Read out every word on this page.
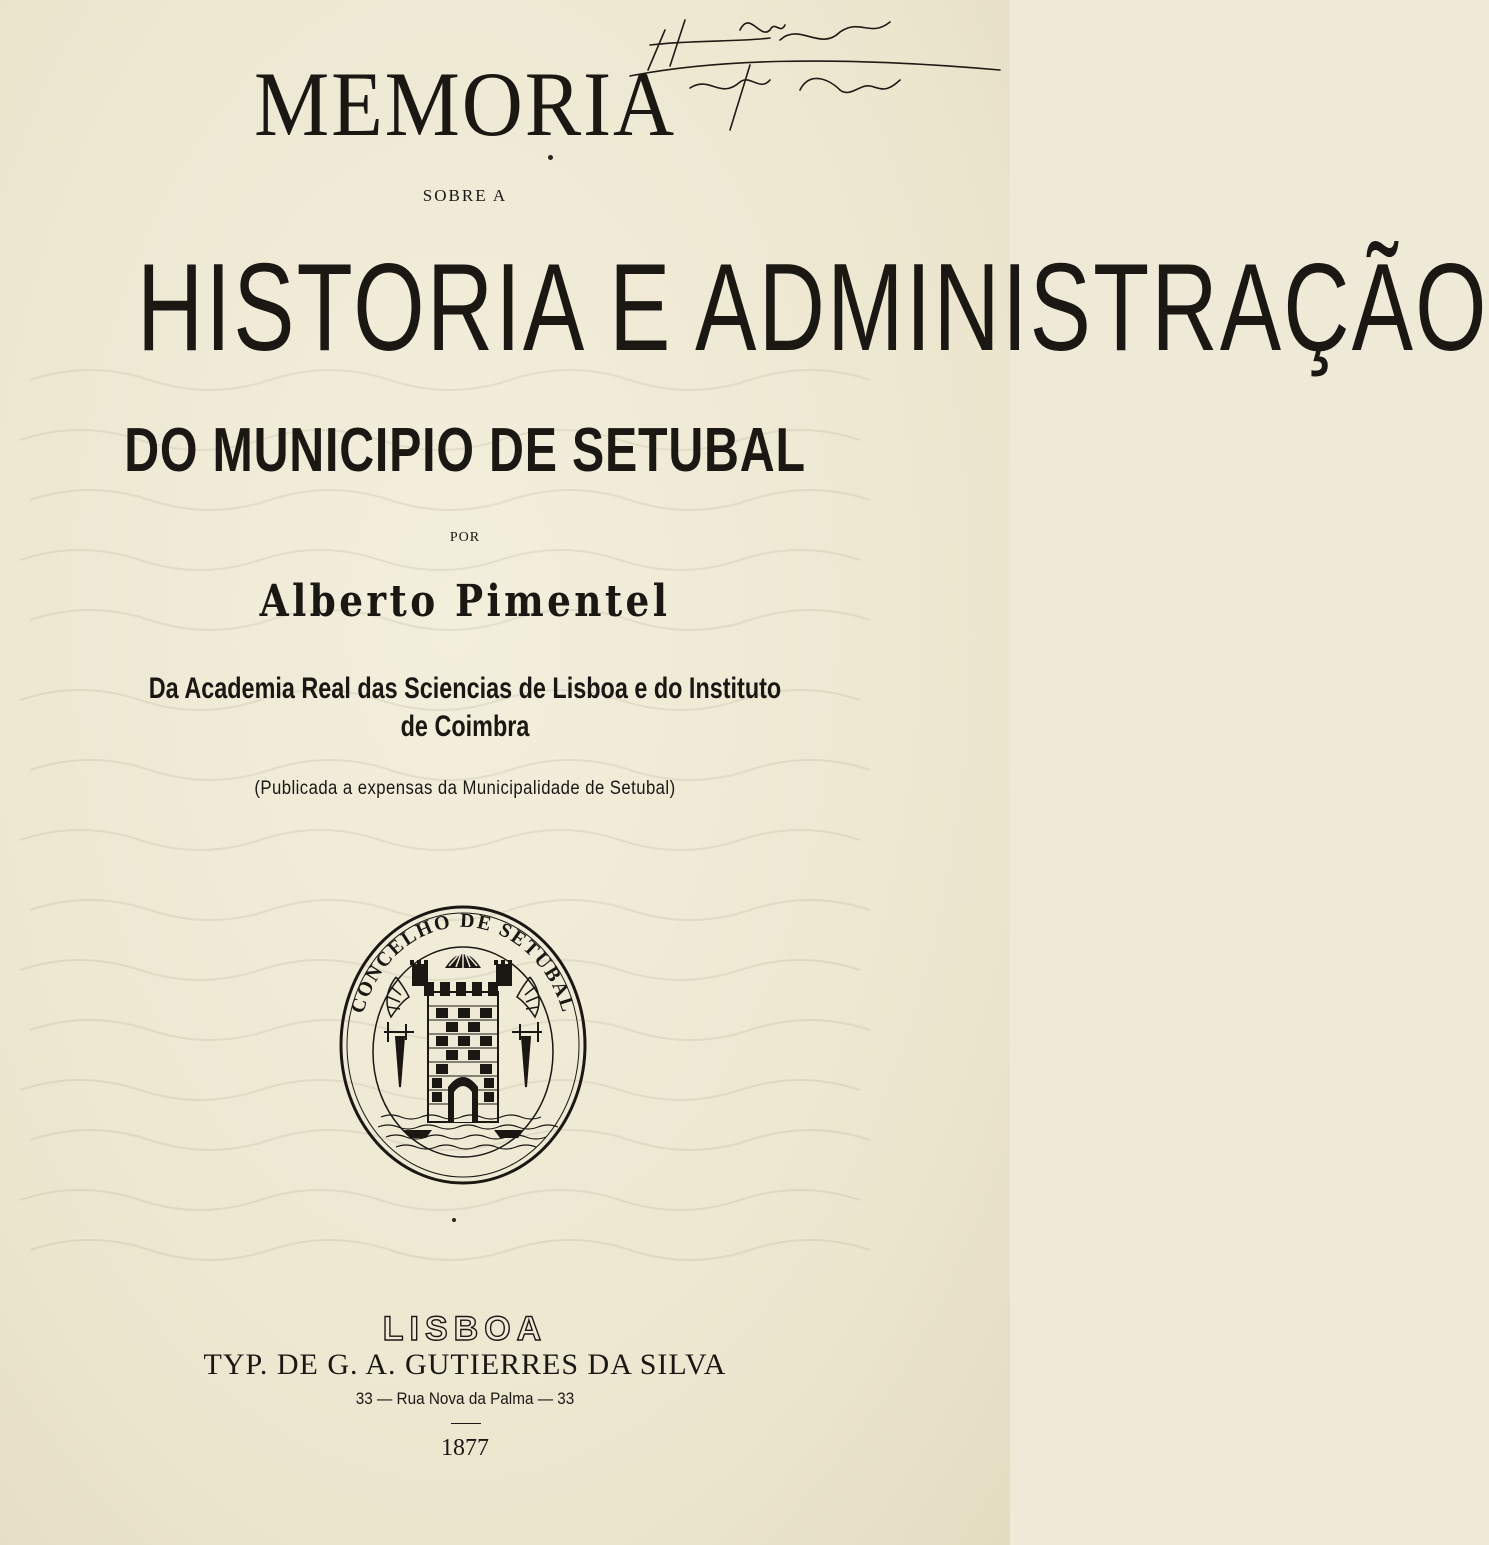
Hautchi
Eng.º Civil
MEMORIA
SOBRE A
HISTORIA E ADMINISTRAÇÃO
DO MUNICIPIO DE SETUBAL
POR
Alberto Pimentel
Da Academia Real das Sciencias de Lisboa e do Instituto
de Coimbra
(Publicada a expensas da Municipalidade de Setubal)
CONCELHO DE SETUBAL
LISBOA
TYP. DE G. A. GUTIERRES DA SILVA
33 — Rua Nova da Palma — 33
1877
